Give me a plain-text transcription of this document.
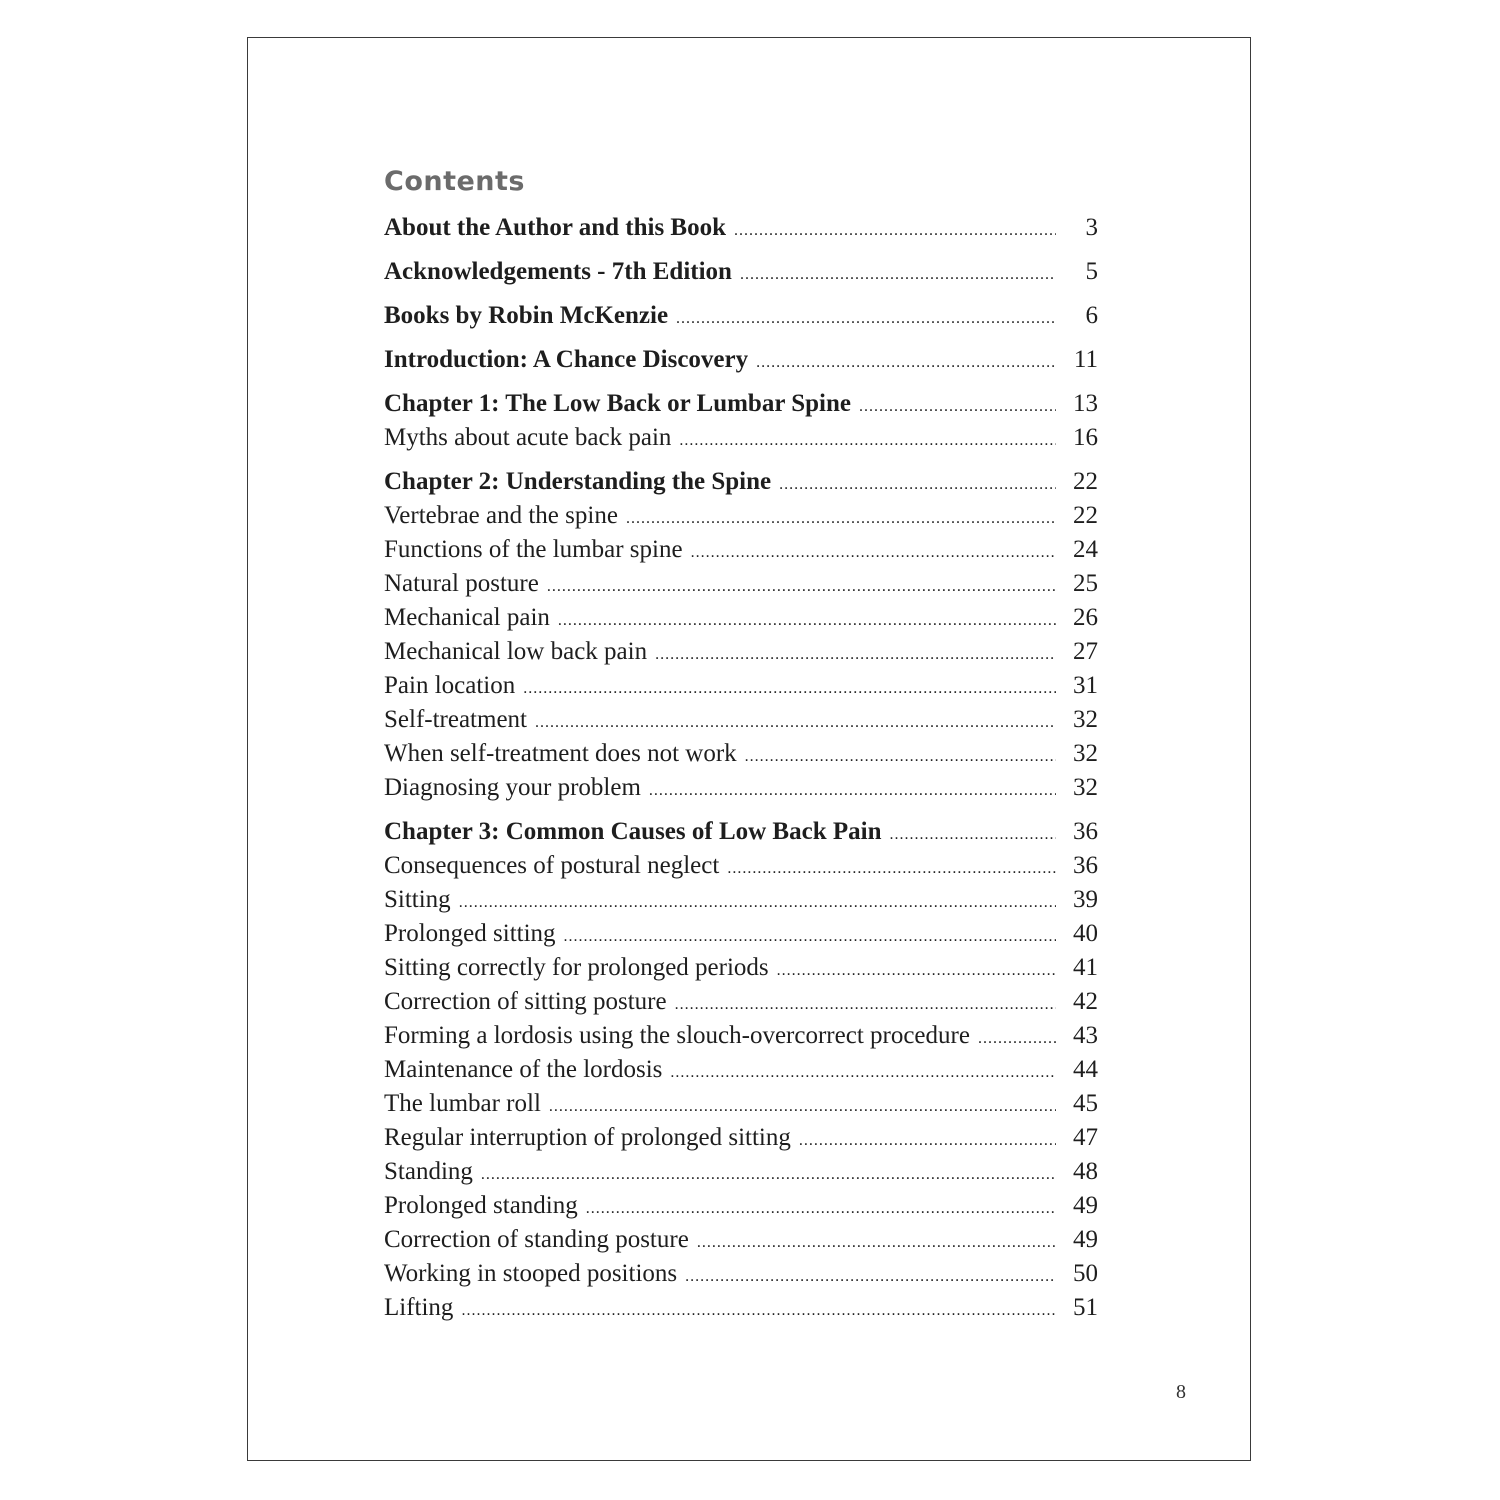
Contents
About the Author and this Book .....	3
Acknowledgements - 7th Edition .....	5
Books by Robin McKenzie .....	6
Introduction: A Chance Discovery .....	11
Chapter 1: The Low Back or Lumbar Spine .....	13
Myths about acute back pain .....	16
Chapter 2: Understanding the Spine .....	22
Vertebrae and the spine .....	22
Functions of the lumbar spine .....	24
Natural posture .....	25
Mechanical pain .....	26
Mechanical low back pain .....	27
Pain location .....	31
Self-treatment .....	32
When self-treatment does not work .....	32
Diagnosing your problem .....	32
Chapter 3: Common Causes of Low Back Pain .....	36
Consequences of postural neglect .....	36
Sitting .....	39
Prolonged sitting .....	40
Sitting correctly for prolonged periods .....	41
Correction of sitting posture .....	42
Forming a lordosis using the slouch-overcorrect procedure .....	43
Maintenance of the lordosis .....	44
The lumbar roll .....	45
Regular interruption of prolonged sitting .....	47
Standing .....	48
Prolonged standing .....	49
Correction of standing posture .....	49
Working in stooped positions .....	50
Lifting .....	51
8
